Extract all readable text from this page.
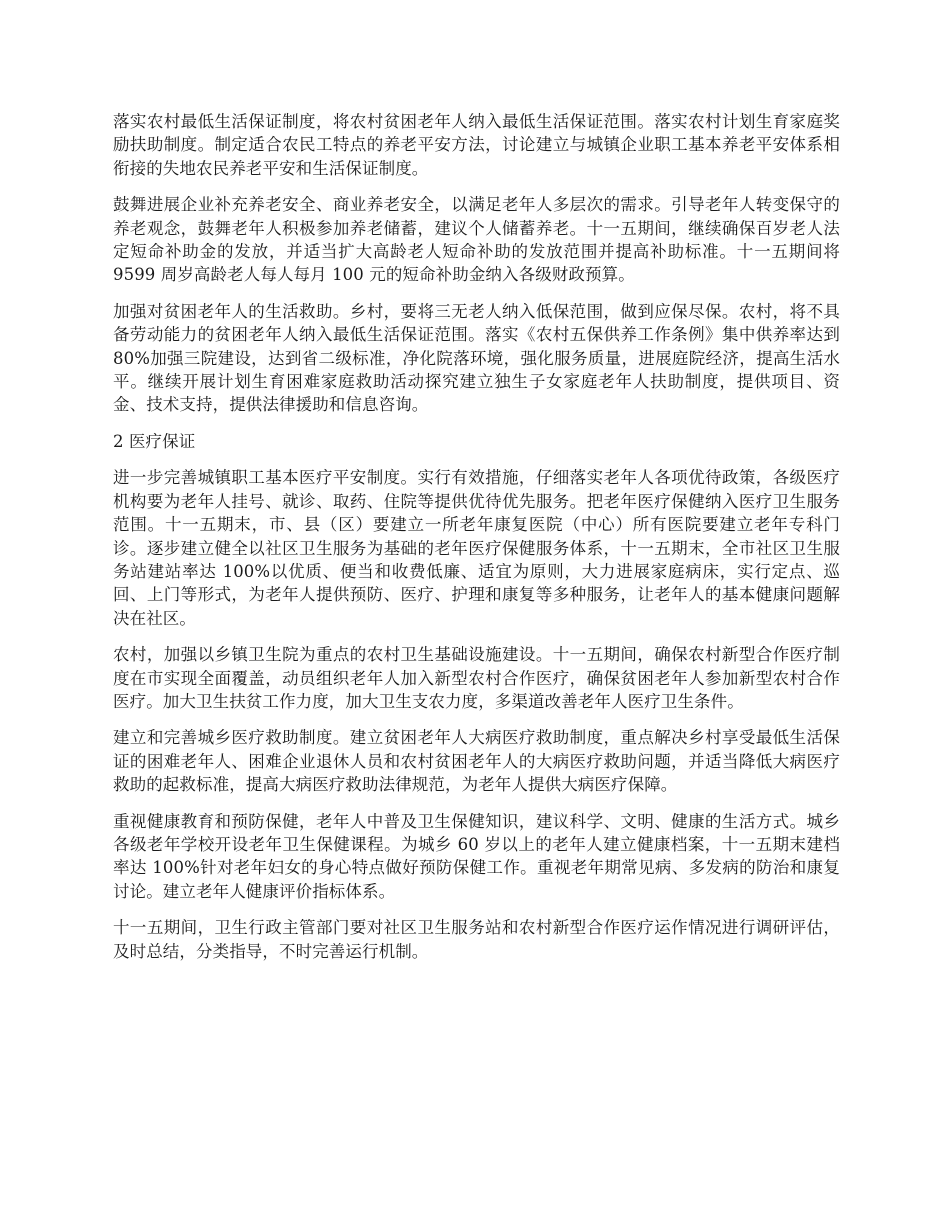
落实农村最低生活保证制度，将农村贫困老年人纳入最低生活保证范围。落实农村计划生育家庭奖励扶助制度。制定适合农民工特点的养老平安方法，讨论建立与城镇企业职工基本养老平安体系相衔接的失地农民养老平安和生活保证制度。

鼓舞进展企业补充养老安全、商业养老安全，以满足老年人多层次的需求。引导老年人转变保守的养老观念，鼓舞老年人积极参加养老储蓄，建议个人储蓄养老。十一五期间，继续确保百岁老人法定短命补助金的发放，并适当扩大高龄老人短命补助的发放范围并提高补助标准。十一五期间将 9599 周岁高龄老人每人每月 100 元的短命补助金纳入各级财政预算。

加强对贫困老年人的生活救助。乡村，要将三无老人纳入低保范围，做到应保尽保。农村，将不具备劳动能力的贫困老年人纳入最低生活保证范围。落实《农村五保供养工作条例》集中供养率达到 80%加强三院建设，达到省二级标准，净化院落环境，强化服务质量，进展庭院经济，提高生活水平。继续开展计划生育困难家庭救助活动探究建立独生子女家庭老年人扶助制度，提供项目、资金、技术支持，提供法律援助和信息咨询。

2 医疗保证

进一步完善城镇职工基本医疗平安制度。实行有效措施，仔细落实老年人各项优待政策，各级医疗机构要为老年人挂号、就诊、取药、住院等提供优待优先服务。把老年医疗保健纳入医疗卫生服务范围。十一五期末，市、县（区）要建立一所老年康复医院（中心）所有医院要建立老年专科门诊。逐步建立健全以社区卫生服务为基础的老年医疗保健服务体系，十一五期末，全市社区卫生服务站建站率达 100%以优质、便当和收费低廉、适宜为原则，大力进展家庭病床，实行定点、巡回、上门等形式，为老年人提供预防、医疗、护理和康复等多种服务，让老年人的基本健康问题解决在社区。

农村，加强以乡镇卫生院为重点的农村卫生基础设施建设。十一五期间，确保农村新型合作医疗制度在市实现全面覆盖，动员组织老年人加入新型农村合作医疗，确保贫困老年人参加新型农村合作医疗。加大卫生扶贫工作力度，加大卫生支农力度，多渠道改善老年人医疗卫生条件。

建立和完善城乡医疗救助制度。建立贫困老年人大病医疗救助制度，重点解决乡村享受最低生活保证的困难老年人、困难企业退休人员和农村贫困老年人的大病医疗救助问题，并适当降低大病医疗救助的起救标准，提高大病医疗救助法律规范，为老年人提供大病医疗保障。

重视健康教育和预防保健，老年人中普及卫生保健知识，建议科学、文明、健康的生活方式。城乡各级老年学校开设老年卫生保健课程。为城乡 60 岁以上的老年人建立健康档案，十一五期末建档率达 100%针对老年妇女的身心特点做好预防保健工作。重视老年期常见病、多发病的防治和康复讨论。建立老年人健康评价指标体系。

十一五期间，卫生行政主管部门要对社区卫生服务站和农村新型合作医疗运作情况进行调研评估，及时总结，分类指导，不时完善运行机制。
